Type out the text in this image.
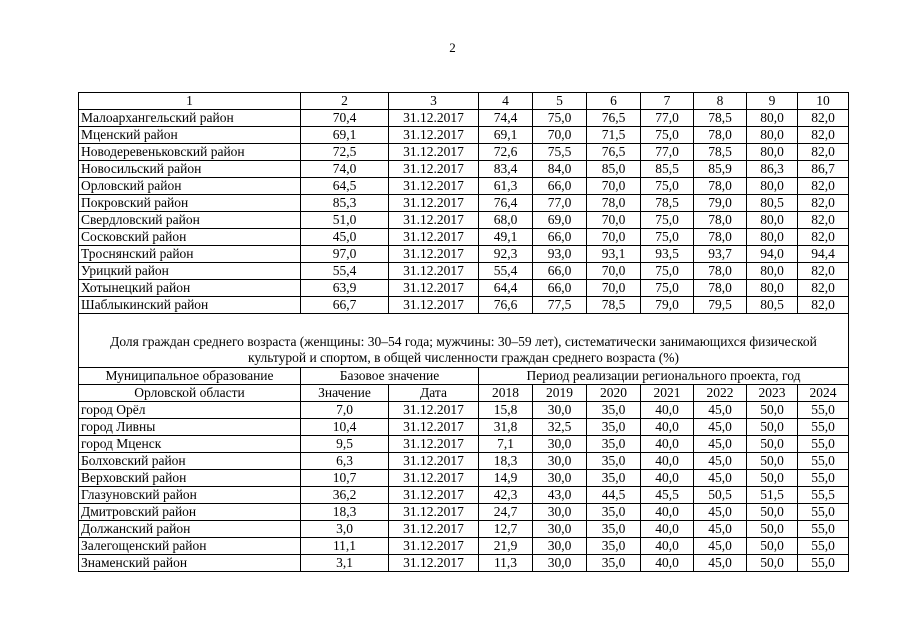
2
1	2	3	4	5	6	7	8	9	10
Малоархангельский район	70,4	31.12.2017	74,4	75,0	76,5	77,0	78,5	80,0	82,0
Мценский район	69,1	31.12.2017	69,1	70,0	71,5	75,0	78,0	80,0	82,0
Новодеревеньковский район	72,5	31.12.2017	72,6	75,5	76,5	77,0	78,5	80,0	82,0
Новосильский район	74,0	31.12.2017	83,4	84,0	85,0	85,5	85,9	86,3	86,7
Орловский район	64,5	31.12.2017	61,3	66,0	70,0	75,0	78,0	80,0	82,0
Покровский район	85,3	31.12.2017	76,4	77,0	78,0	78,5	79,0	80,5	82,0
Свердловский район	51,0	31.12.2017	68,0	69,0	70,0	75,0	78,0	80,0	82,0
Сосковский район	45,0	31.12.2017	49,1	66,0	70,0	75,0	78,0	80,0	82,0
Троснянский район	97,0	31.12.2017	92,3	93,0	93,1	93,5	93,7	94,0	94,4
Урицкий район	55,4	31.12.2017	55,4	66,0	70,0	75,0	78,0	80,0	82,0
Хотынецкий район	63,9	31.12.2017	64,4	66,0	70,0	75,0	78,0	80,0	82,0
Шаблыкинский район	66,7	31.12.2017	76,6	77,5	78,5	79,0	79,5	80,5	82,0
Доля граждан среднего возраста (женщины: 30–54 года; мужчины: 30–59 лет), систематически занимающихся физической культурой и спортом, в общей численности граждан среднего возраста (%)									
Муниципальное образование	Базовое значение		Период реализации регионального проекта, год						
Орловской области	Значение	Дата	2018	2019	2020	2021	2022	2023	2024
город Орёл	7,0	31.12.2017	15,8	30,0	35,0	40,0	45,0	50,0	55,0
город Ливны	10,4	31.12.2017	31,8	32,5	35,0	40,0	45,0	50,0	55,0
город Мценск	9,5	31.12.2017	7,1	30,0	35,0	40,0	45,0	50,0	55,0
Болховский район	6,3	31.12.2017	18,3	30,0	35,0	40,0	45,0	50,0	55,0
Верховский район	10,7	31.12.2017	14,9	30,0	35,0	40,0	45,0	50,0	55,0
Глазуновский район	36,2	31.12.2017	42,3	43,0	44,5	45,5	50,5	51,5	55,5
Дмитровский район	18,3	31.12.2017	24,7	30,0	35,0	40,0	45,0	50,0	55,0
Должанский район	3,0	31.12.2017	12,7	30,0	35,0	40,0	45,0	50,0	55,0
Залегощенский район	11,1	31.12.2017	21,9	30,0	35,0	40,0	45,0	50,0	55,0
Знаменский район	3,1	31.12.2017	11,3	30,0	35,0	40,0	45,0	50,0	55,0
